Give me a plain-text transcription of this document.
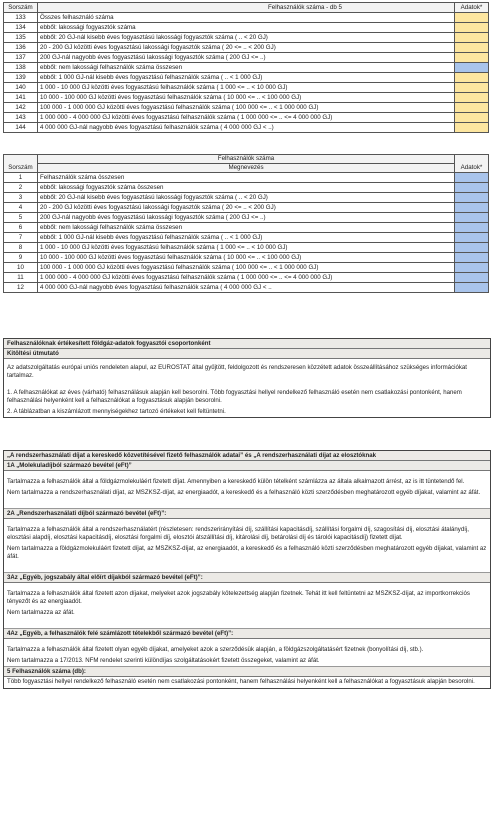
Sorszám	Felhasználók száma - db 5	Adatok*
133	Összes felhasználó száma	
134	ebből: lakossági fogyasztók száma	
135	ebből: 20 GJ-nál kisebb éves fogyasztású lakossági fogyasztók száma ( .. < 20 GJ)	
136	20 - 200 GJ közötti éves fogyasztású lakossági fogyasztók száma ( 20 <= .. < 200 GJ)	
137	200 GJ-nál nagyobb éves fogyasztású lakossági fogyasztók száma ( 200 GJ <= ..)	
138	ebből: nem lakossági felhasználók száma összesen	
139	ebből: 1 000 GJ-nál kisebb éves fogyasztású felhasználók száma ( .. < 1 000 GJ)	
140	1 000 - 10 000 GJ közötti éves fogyasztású felhasználók száma ( 1 000 <= .. < 10 000 GJ)	
141	10 000 - 100 000 GJ közötti éves fogyasztású felhasználók száma ( 10 000 <= .. < 100 000 GJ)	
142	100 000 - 1 000 000 GJ közötti éves fogyasztású felhasználók száma ( 100 000 <= .. < 1 000 000 GJ)	
143	1 000 000 - 4 000 000 GJ közötti éves fogyasztású felhasználók száma ( 1 000 000 <= .. <= 4 000 000 GJ)	
144	4 000 000 GJ-nál nagyobb éves fogyasztású felhasználók száma ( 4 000 000 GJ < ..)	
Sorszám	Felhasználók száma	Adatok*
	Megnevezés	
1	Felhasználók száma összesen	
2	ebből: lakossági fogyasztók száma összesen	
3	ebből: 20 GJ-nál kisebb éves fogyasztású lakossági fogyasztók száma ( .. < 20 GJ)	
4	20 - 200 GJ közötti éves fogyasztású lakossági fogyasztók száma ( 20 <= .. < 200 GJ)	
5	200 GJ-nál nagyobb éves fogyasztású lakossági fogyasztók száma ( 200 GJ <= ..)	
6	ebből: nem lakossági felhasználók száma összesen	
7	ebből: 1 000 GJ-nál kisebb éves fogyasztású felhasználók száma ( .. < 1 000 GJ)	
8	1 000 - 10 000 GJ közötti éves fogyasztású felhasználók száma ( 1 000 <= .. < 10 000 GJ)	
9	10 000 - 100 000 GJ közötti éves fogyasztású felhasználók száma ( 10 000 <= .. < 100 000 GJ)	
10	100 000 - 1 000 000 GJ közötti éves fogyasztású felhasználók száma ( 100 000 <= .. < 1 000 000 GJ)	
11	1 000 000 - 4 000 000 GJ közötti éves fogyasztású felhasználók száma ( 1 000 000 <= .. <= 4 000 000 GJ)	
12	4 000 000 GJ-nál nagyobb éves fogyasztású felhasználók száma ( 4 000 000 GJ < ..	
Felhasználóknak értékesített földgáz-adatok fogyasztói csoportonként
Kitöltési útmutató

Az adatszolgáltatás európai uniós rendeleten alapul, az EUROSTAT által gyűjtött, feldolgozott és rendszeresen közzétett adatok összeállításához szükséges információkat tartalmaz.

1. A felhasználókat az éves (várható) felhasználásuk alapján kell besorolni. Több fogyasztási hellyel rendelkező felhasználó esetén nem csatlakozási pontonként, hanem felhasználási helyenként kell a felhasználókat a fogyasztásuk alapján besorolni.

2. A táblázatban a kiszámlázott mennyiségekhez tartozó értékeket kell feltüntetni.

„A rendszerhasználati díjat a kereskedő közvetítésével fizető felhasználók adatai” és „A rendszerhasználati díjat az elosztóknak
1A „Molekuladíjból származó bevétel (eFt)”

Tartalmazza a felhasználók által a földgázmolekuláért fizetett díjat. Amennyiben a kereskedő külön tételként számlázza az általa alkalmazott árrést, az is itt tüntetendő fel.

Nem tartalmazza a rendszerhasználati díjat, az MSZKSZ-díjat, az energiaadót, a kereskedő és a felhasználó közti szerződésben meghatározott egyéb díjakat, valamint az áfát.

2A „Rendszerhasználati díjból származó bevétel (eFt)”:

Tartalmazza a felhasználók által a rendszerhasználatért (részletesen: rendszerirányítási díj, szállítási kapacitásdíj, szállítási forgalmi díj, szagosítási díj, elosztási átalánydíj, elosztási alapdíj, elosztási kapacitásdíj, elosztási forgalmi díj, elosztói átszállítási díj, kitárolási díj, betárolási díj és tárolói kapacitásdíj) fizetett díjat.

Nem tartalmazza a földgázmolekuláért fizetett díjat, az MSZKSZ-díjat, az energiaadót, a kereskedő és a felhasználó közti szerződésben meghatározott egyéb díjakat, valamint az áfát.

3Az „Egyéb, jogszabály által előírt díjakból származó bevétel (eFt)”:

Tartalmazza a felhasználók által fizetett azon díjakat, melyeket azok jogszabály kötelezettség alapján fizetnek. Tehát itt kell feltüntetni az MSZKSZ-díjat, az importkorrekciós tényezőt és az energiaadót.

Nem tartalmazza az áfát.

4Az „Egyéb, a felhasználók felé számlázott tételekből származó bevétel (eFt)”:

Tartalmazza a felhasználók által fizetett olyan egyéb díjakat, amelyeket azok a szerződésük alapján, a földgázszolgáltatásért fizetnek (bonyolítási díj, stb.).

Nem tartalmazza a 17/2013. NFM rendelet szerinti különdíjas szolgáltatásokért fizetett összegeket, valamint az áfát.

5 Felhasználók száma (db):

Több fogyasztási hellyel rendelkező felhasználó esetén nem csatlakozási pontonként, hanem felhasználási helyenként kell a felhasználókat a fogyasztásuk alapján besorolni.
